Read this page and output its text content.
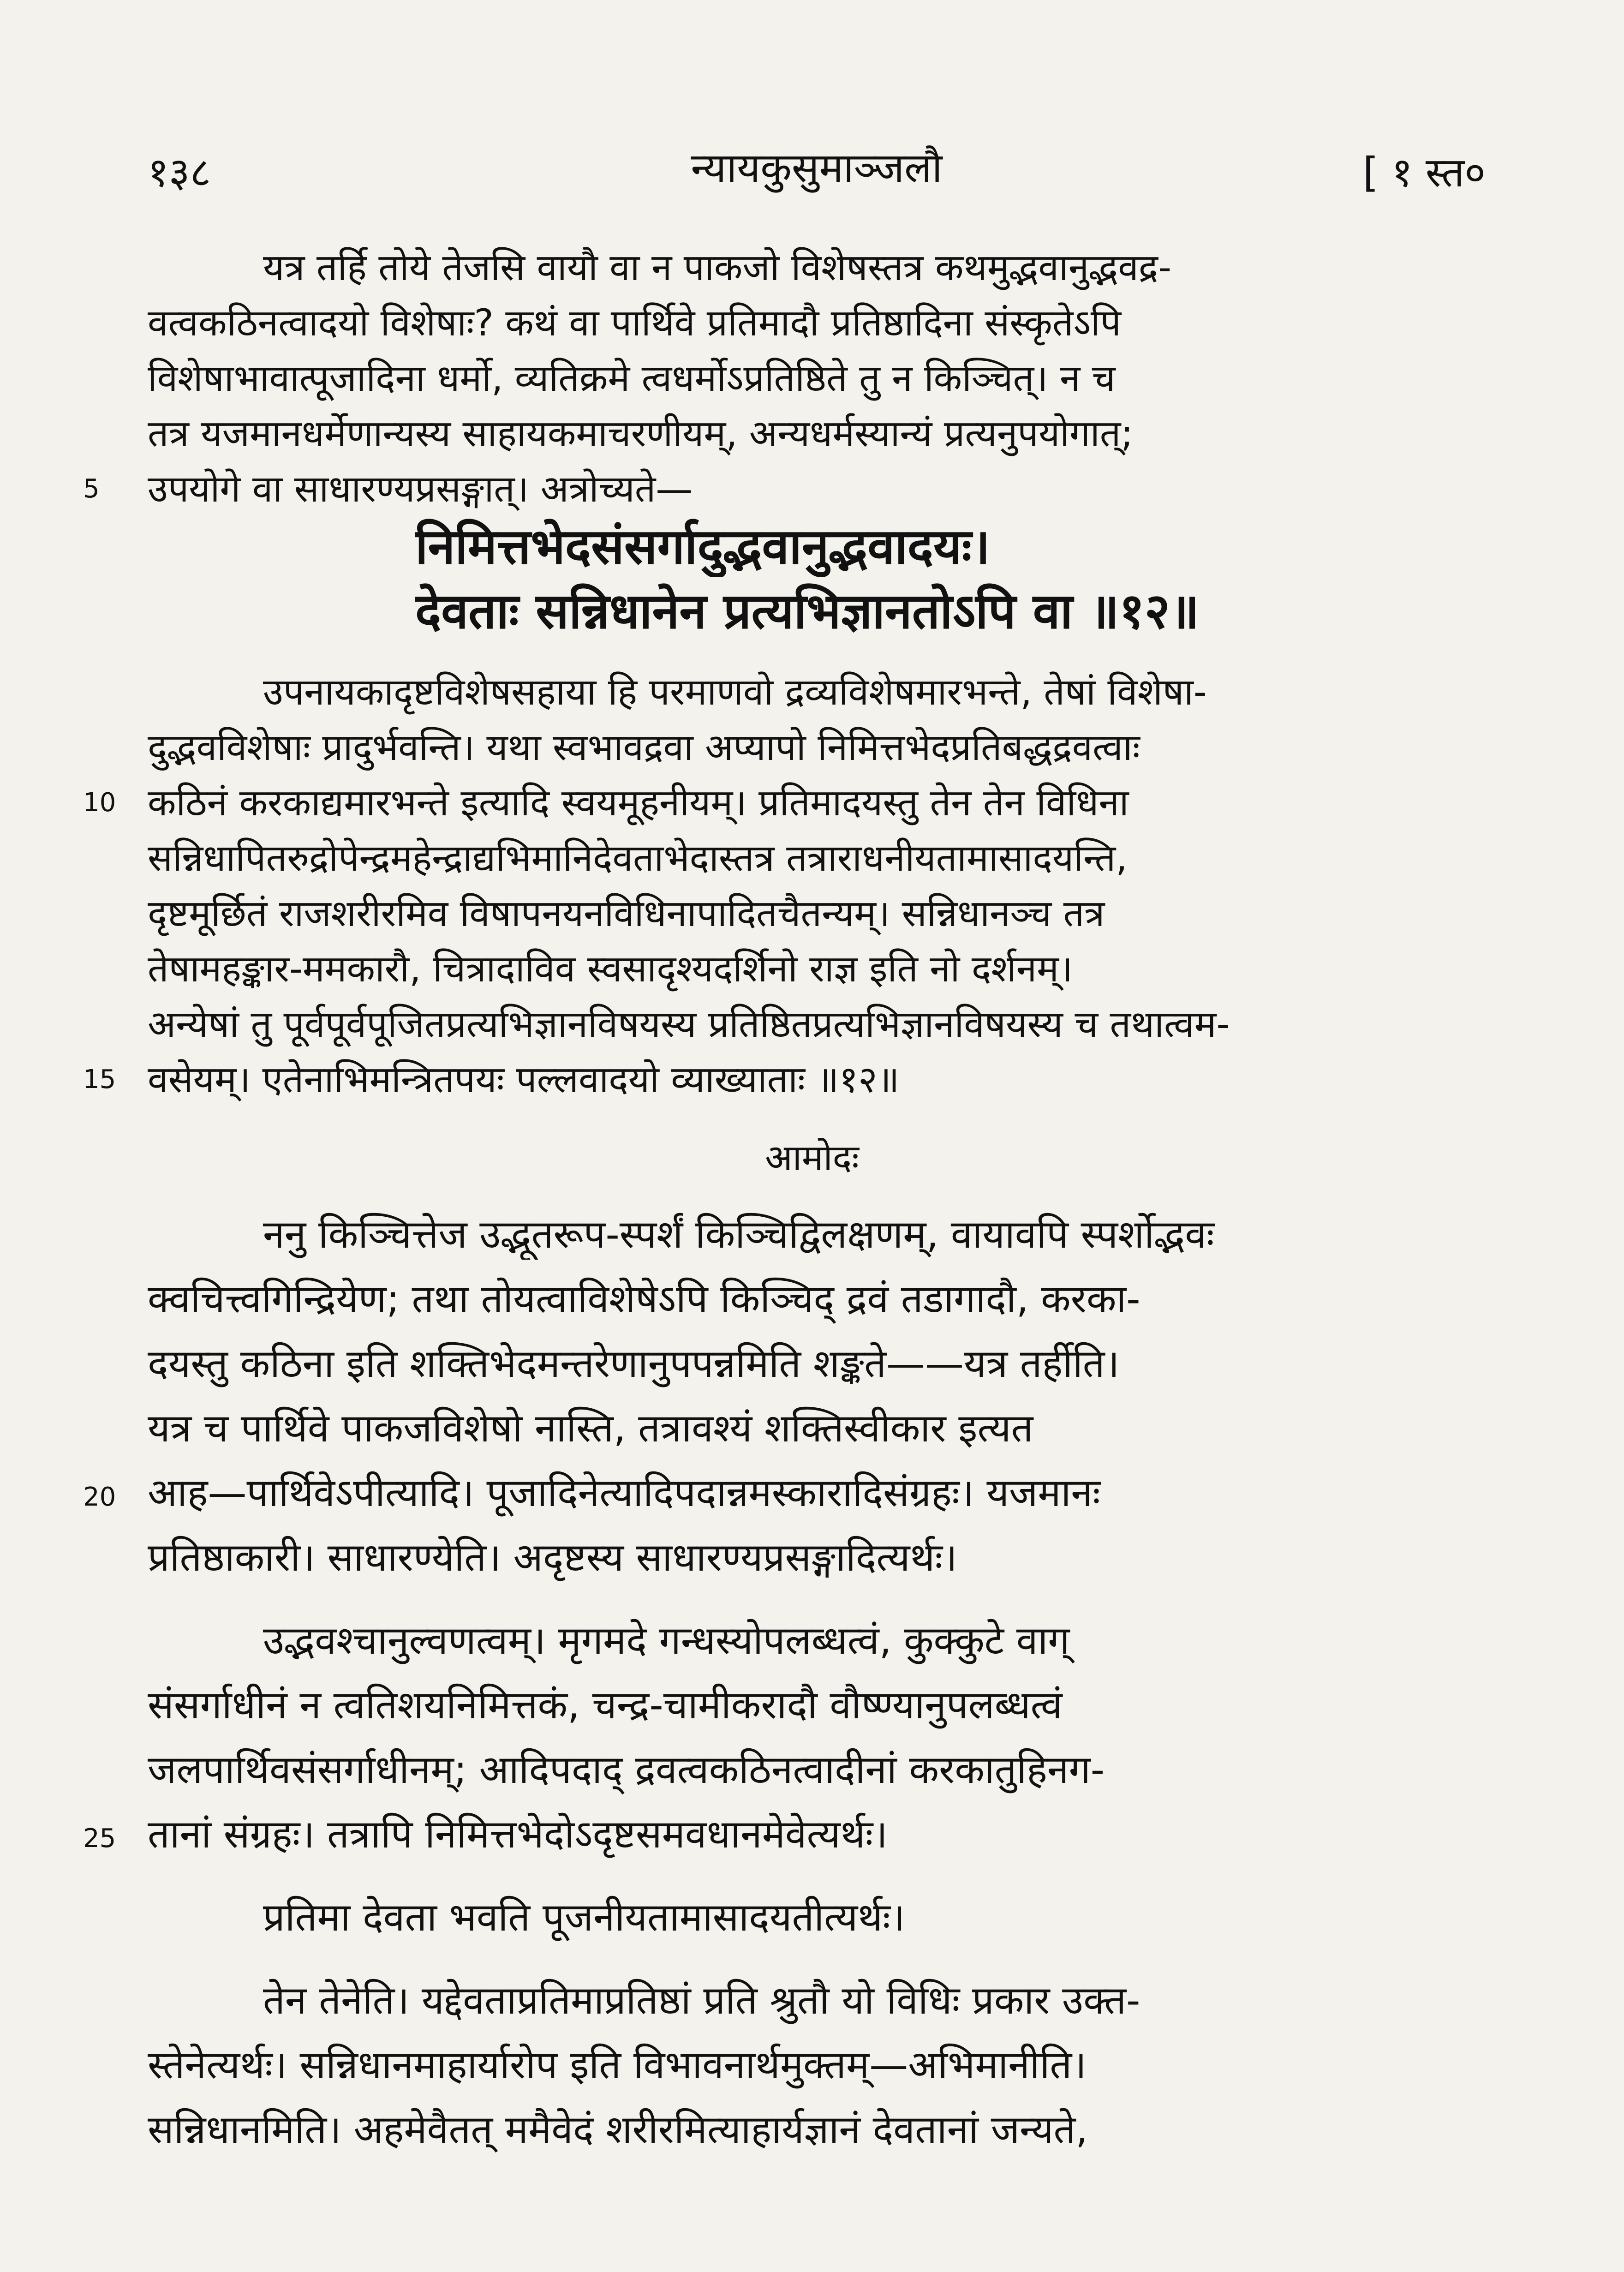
१३८	न्यायकुसुमाञ्जलौ	[ १ स्त०
यत्र तर्हि तोये तेजसि वायौ वा न पाकजो विशेषस्तत्र कथमुद्भवानुद्भवद्र-
वत्वकठिनत्वादयो विशेषाः? कथं वा पार्थिवे प्रतिमादौ प्रतिष्ठादिना संस्कृतेऽपि
विशेषाभावात्पूजादिना धर्मो, व्यतिक्रमे त्वधर्मोऽप्रतिष्ठिते तु न किञ्चित्। न च
तत्र यजमानधर्मेणान्यस्य साहायकमाचरणीयम्, अन्यधर्मस्यान्यं प्रत्यनुपयोगात्;
5 उपयोगे वा साधारण्यप्रसङ्गात्। अत्रोच्यते—
निमित्तभेदसंसर्गादुद्भवानुद्भवादयः।
देवताः सन्निधानेन प्रत्यभिज्ञानतोऽपि वा ॥१२॥
उपनायकादृष्टविशेषसहाया हि परमाणवो द्रव्यविशेषमारभन्ते, तेषां विशेषा-
दुद्भवविशेषाः प्रादुर्भवन्ति। यथा स्वभावद्रवा अप्यापो निमित्तभेदप्रतिबद्धद्रवत्वाः
10 कठिनं करकाद्यमारभन्ते इत्यादि स्वयमूहनीयम्। प्रतिमादयस्तु तेन तेन विधिना
सन्निधापितरुद्रोपेन्द्रमहेन्द्राद्यभिमानिदेवताभेदास्तत्र तत्राराधनीयतामासादयन्ति,
दृष्टमूर्छितं राजशरीरमिव विषापनयनविधिनापादितचैतन्यम्। सन्निधानञ्च तत्र
तेषामहङ्कार-ममकारौ, चित्रादाविव स्वसादृश्यदर्शिनो राज्ञ इति नो दर्शनम्।
अन्येषां तु पूर्वपूर्वपूजितप्रत्यभिज्ञानविषयस्य प्रतिष्ठितप्रत्यभिज्ञानविषयस्य च तथात्वम-
15 वसेयम्। एतेनाभिमन्त्रितपयः पल्लवादयो व्याख्याताः ॥१२॥
आमोदः
ननु किञ्चित्तेज उद्भूतरूप-स्पर्शं किञ्चिद्विलक्षणम्, वायावपि स्पर्शोद्भवः
क्वचित्त्वगिन्द्रियेण; तथा तोयत्वाविशेषेऽपि किञ्चिद् द्रवं तडागादौ, करका-
दयस्तु कठिना इति शक्तिभेदमन्तरेणानुपपन्नमिति शङ्कते——यत्र तर्हीति।
यत्र च पार्थिवे पाकजविशेषो नास्ति, तत्रावश्यं शक्तिस्वीकार इत्यत
20 आह—पार्थिवेऽपीत्यादि। पूजादिनेत्यादिपदान्नमस्कारादिसंग्रहः। यजमानः
प्रतिष्ठाकारी। साधारण्येति। अदृष्टस्य साधारण्यप्रसङ्गादित्यर्थः।
उद्भवश्चानुल्वणत्वम्। मृगमदे गन्धस्योपलब्धत्वं, कुक्कुटे वाग्
संसर्गाधीनं न त्वतिशयनिमित्तकं, चन्द्र-चामीकरादौ वौष्ण्यानुपलब्धत्वं
जलपार्थिवसंसर्गाधीनम्; आदिपदाद् द्रवत्वकठिनत्वादीनां करकातुहिनग-
25 तानां संग्रहः। तत्रापि निमित्तभेदोऽदृष्टसमवधानमेवेत्यर्थः।
प्रतिमा देवता भवति पूजनीयतामासादयतीत्यर्थः।
तेन तेनेति। यद्देवताप्रतिमाप्रतिष्ठां प्रति श्रुतौ यो विधिः प्रकार उक्त-
स्तेनेत्यर्थः। सन्निधानमाहार्यारोप इति विभावनार्थमुक्तम्—अभिमानीति।
सन्निधानमिति। अहमेवैतत् ममैवेदं शरीरमित्याहार्यज्ञानं देवतानां जन्यते,
